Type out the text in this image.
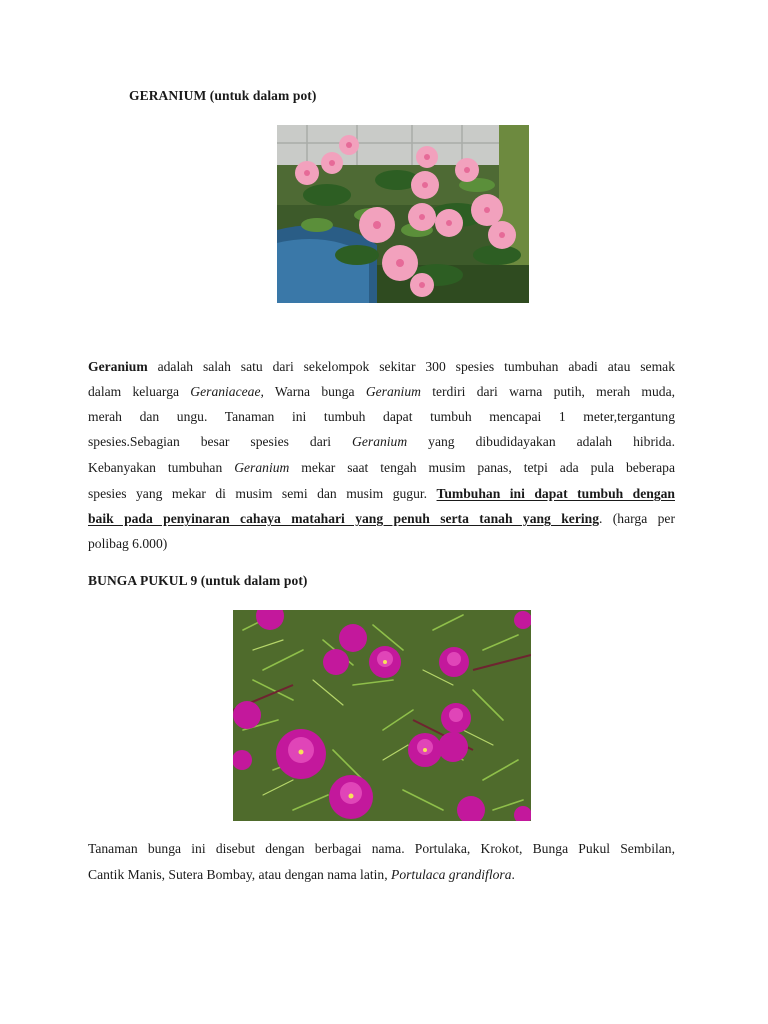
GERANIUM (untuk dalam pot)
Geranium adalah salah satu dari sekelompok sekitar 300 spesies tumbuhan abadi atau semak
dalam keluarga Geraniaceae, Warna bunga Geranium terdiri dari warna putih, merah muda,
merah dan ungu. Tanaman ini tumbuh dapat tumbuh mencapai 1 meter,tergantung
spesies.Sebagian besar spesies dari Geranium yang dibudidayakan adalah hibrida.
Kebanyakan tumbuhan Geranium mekar saat tengah musim panas, tetpi ada pula beberapa
spesies yang mekar di musim semi dan musim gugur. Tumbuhan ini dapat tumbuh dengan
baik pada penyinaran cahaya matahari yang penuh serta tanah yang kering. (harga per
polibag 6.000)
BUNGA PUKUL 9 (untuk dalam pot)
Tanaman bunga ini disebut dengan berbagai nama. Portulaka, Krokot, Bunga Pukul Sembilan,
Cantik Manis, Sutera Bombay, atau dengan nama latin, Portulaca grandiflora.
